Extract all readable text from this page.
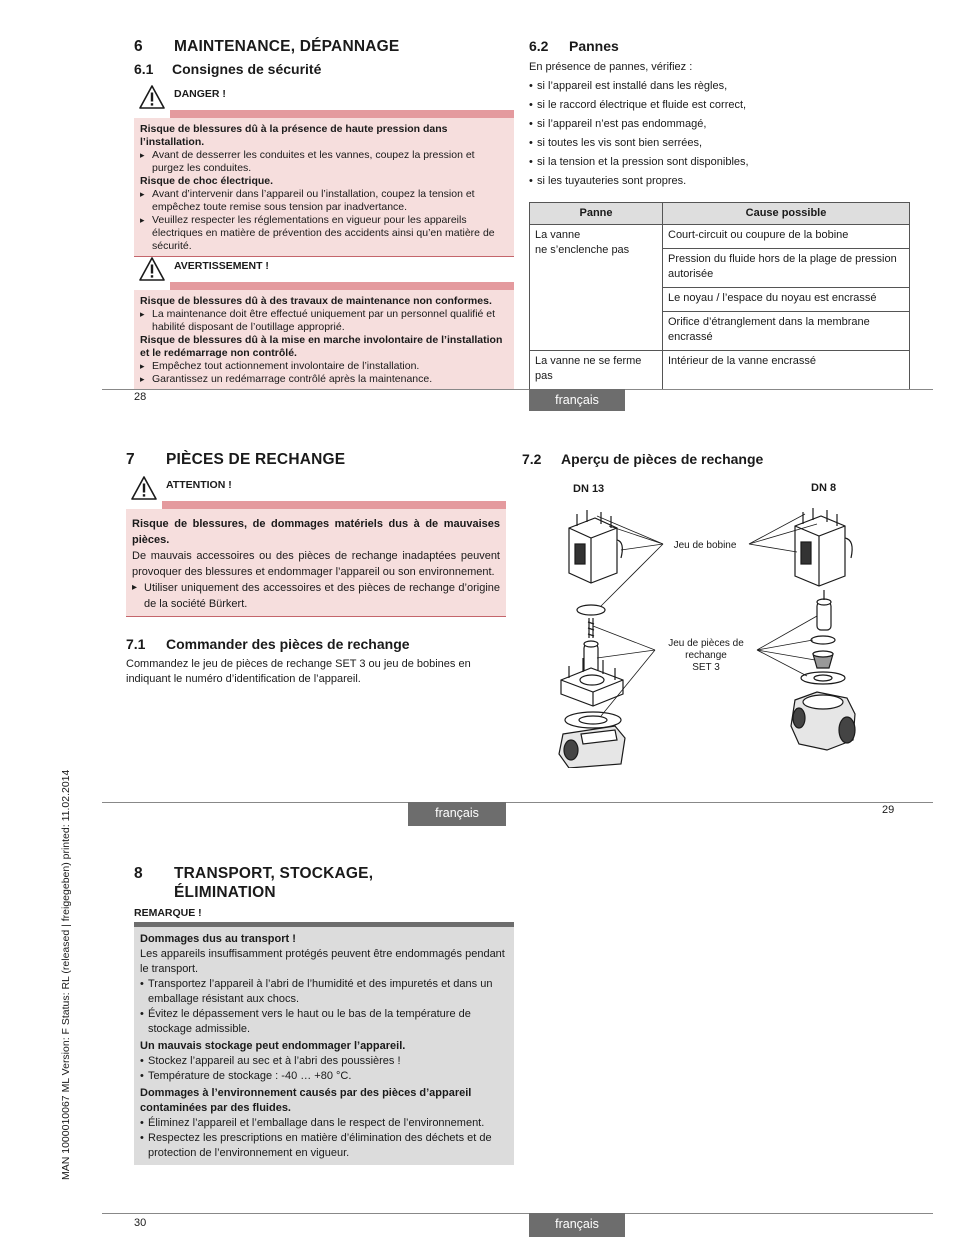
MAN 1000010067 ML Version: F Status: RL (released | freigegeben) printed: 11.02.2014
6 MAINTENANCE, DÉPANNAGE
6.1 Consignes de sécurité
DANGER !
Risque de blessures dû à la présence de haute pression dans l’installation.
▸ Avant de desserrer les conduites et les vannes, coupez la pression et purgez les conduites.
Risque de choc électrique.
▸ Avant d’intervenir dans l’appareil ou l’installation, coupez la tension et empêchez toute remise sous tension par inadvertance.
▸ Veuillez respecter les réglementations en vigueur pour les appareils électriques en matière de prévention des accidents ainsi qu’en matière de sécurité.
AVERTISSEMENT !
Risque de blessures dû à des travaux de maintenance non conformes.
▸ La maintenance doit être effectué uniquement par un personnel qualifié et habilité disposant de l’outillage approprié.
Risque de blessures dû à la mise en marche involontaire de l’installation et le redémarrage non contrôlé.
▸ Empêchez tout actionnement involontaire de l’installation.
▸ Garantissez un redémarrage contrôlé après la maintenance.
6.2 Pannes
En présence de pannes, vérifiez :
• si l’appareil est installé dans les règles,
• si le raccord électrique et fluide est correct,
• si l’appareil n’est pas endommagé,
• si toutes les vis sont bien serrées,
• si la tension et la pression sont disponibles,
• si les tuyauteries sont propres.
Panne	Cause possible
La vanne
ne s’enclenche pas	Court-circuit ou coupure de la bobine
	Pression du fluide hors de la plage de pression autorisée
	Le noyau / l’espace du noyau est encrassé
	Orifice d’étranglement dans la membrane encrassé
La vanne ne se ferme pas	Intérieur de la vanne encrassé
28	français
7 PIÈCES DE RECHANGE
ATTENTION !
Risque de blessures, de dommages matériels dus à de mauvaises pièces.
De mauvais accessoires ou des pièces de rechange inadaptées peuvent provoquer des blessures et endommager l’appareil ou son environnement.
▸ Utiliser uniquement des accessoires et des pièces de rechange d’origine de la société Bürkert.
7.1 Commander des pièces de rechange
Commandez le jeu de pièces de rechange SET 3 ou jeu de bobines en indiquant le numéro d’identification de l’appareil.
7.2 Aperçu de pièces de rechange
DN 13	DN 8
Jeu de bobine
Jeu de pièces de
rechange
SET 3
français	29
8 TRANSPORT, STOCKAGE,
ÉLIMINATION
REMARQUE !
Dommages dus au transport !
Les appareils insuffisamment protégés peuvent être endommagés pendant le transport.
• Transportez l’appareil à l’abri de l’humidité et des impuretés et dans un emballage résistant aux chocs.
• Évitez le dépassement vers le haut ou le bas de la température de stockage admissible.
Un mauvais stockage peut endommager l’appareil.
• Stockez l’appareil au sec et à l’abri des poussières !
• Température de stockage : -40 … +80 °C.
Dommages à l’environnement causés par des pièces d’appareil contaminées par des fluides.
• Éliminez l’appareil et l’emballage dans le respect de l’environnement.
• Respectez les prescriptions en matière d’élimination des déchets et de protection de l’environnement en vigueur.
30	français
